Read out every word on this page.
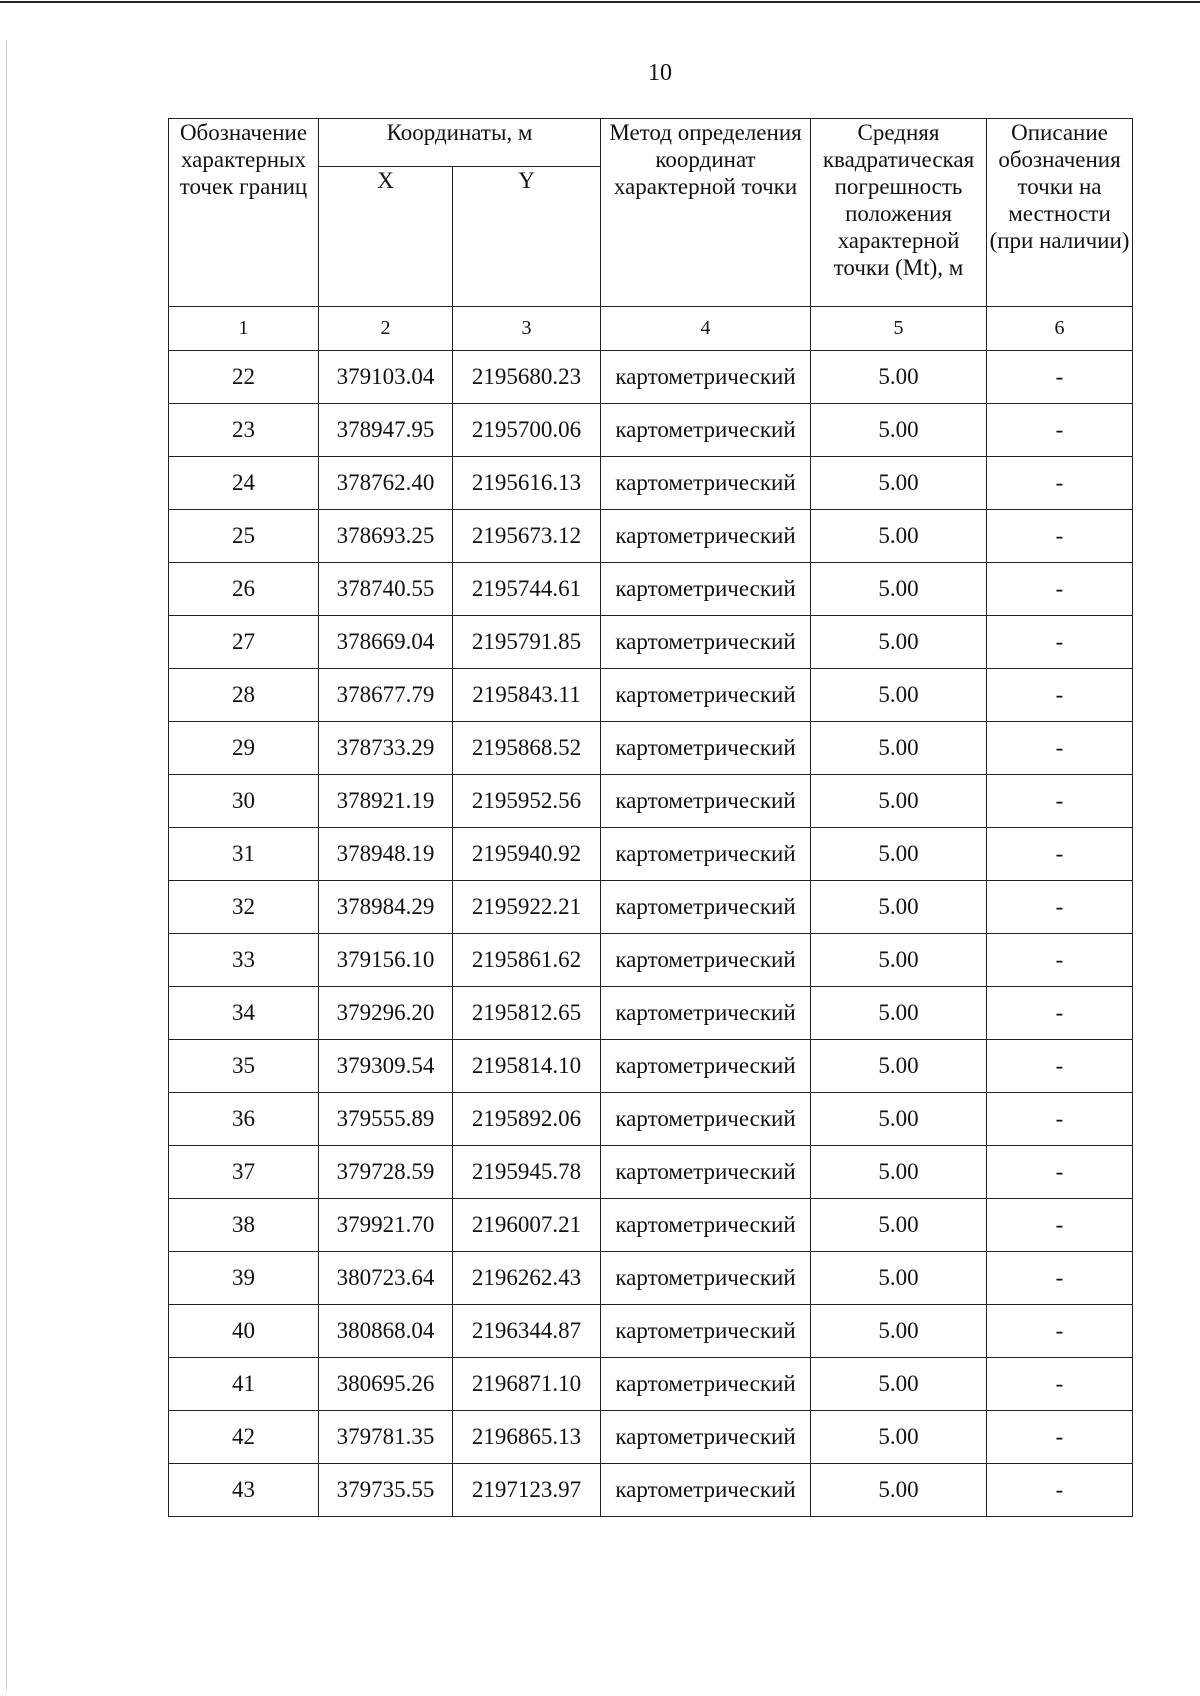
10
Обозначение характерных точек границ	Координаты, м		Метод определения координат характерной точки	Средняя квадратическая погрешность положения характерной точки (Mt), м	Описание обозначения точки на местности (при наличии)
	X	Y			
1	2	3	4	5	6
22	379103.04	2195680.23	картометрический	5.00	-
23	378947.95	2195700.06	картометрический	5.00	-
24	378762.40	2195616.13	картометрический	5.00	-
25	378693.25	2195673.12	картометрический	5.00	-
26	378740.55	2195744.61	картометрический	5.00	-
27	378669.04	2195791.85	картометрический	5.00	-
28	378677.79	2195843.11	картометрический	5.00	-
29	378733.29	2195868.52	картометрический	5.00	-
30	378921.19	2195952.56	картометрический	5.00	-
31	378948.19	2195940.92	картометрический	5.00	-
32	378984.29	2195922.21	картометрический	5.00	-
33	379156.10	2195861.62	картометрический	5.00	-
34	379296.20	2195812.65	картометрический	5.00	-
35	379309.54	2195814.10	картометрический	5.00	-
36	379555.89	2195892.06	картометрический	5.00	-
37	379728.59	2195945.78	картометрический	5.00	-
38	379921.70	2196007.21	картометрический	5.00	-
39	380723.64	2196262.43	картометрический	5.00	-
40	380868.04	2196344.87	картометрический	5.00	-
41	380695.26	2196871.10	картометрический	5.00	-
42	379781.35	2196865.13	картометрический	5.00	-
43	379735.55	2197123.97	картометрический	5.00	-
